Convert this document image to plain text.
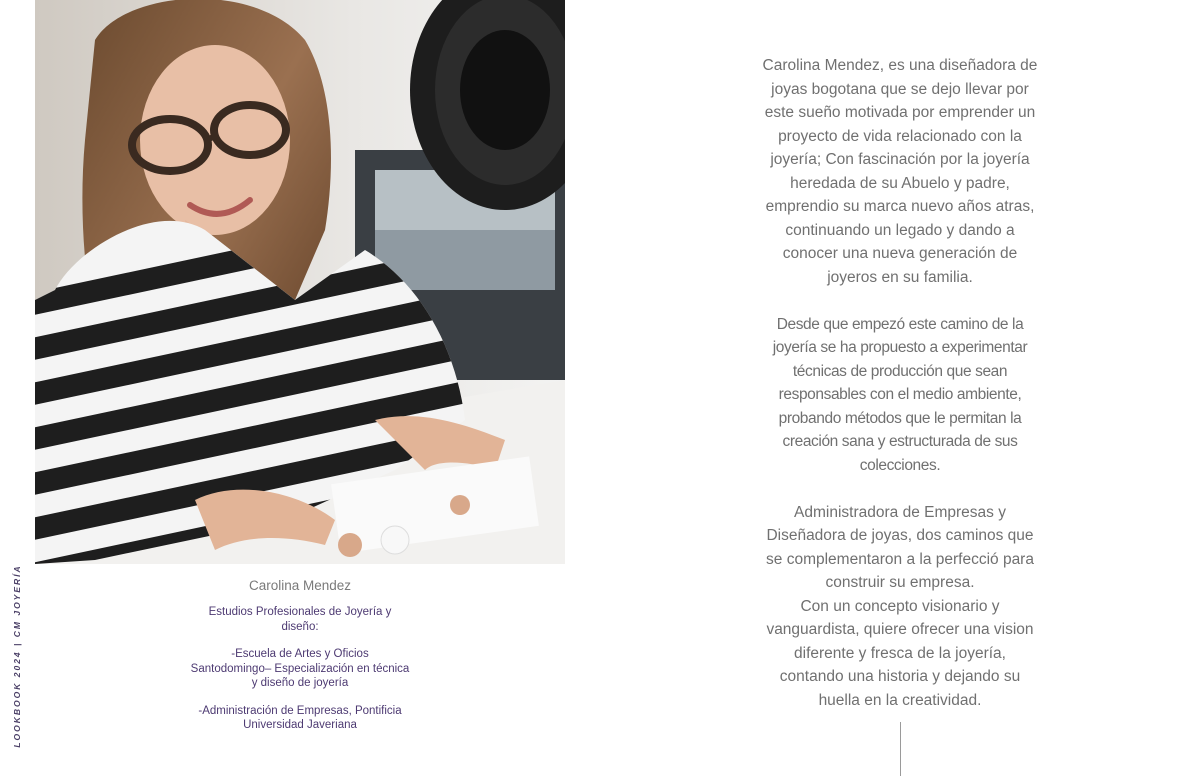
LOOKBOOK 2024 | CM JOYERÍA	Carolina Mendez

Estudios Profesionales de Joyería y diseño:

-Escuela de Artes y Oficios Santodomingo– Especialización en técnica y diseño de joyería

-Administración de Empresas, Pontificia Universidad Javeriana

Carolina Mendez, es una diseñadora de joyas bogotana que se dejo llevar por este sueño motivada por emprender un proyecto de vida relacionado con la joyería; Con fascinación por la joyería heredada de su Abuelo y padre, emprendio su marca nuevo años atras, continuando un legado y dando a conocer una nueva generación de joyeros en su familia.

Desde que empezó este camino de la joyería se ha propuesto a experimentar técnicas de producción que sean responsables con el medio ambiente, probando métodos que le permitan la creación sana y estructurada de sus colecciones.

Administradora de Empresas y Diseñadora de joyas, dos caminos que se complementaron a la perfecció para construir su empresa.

Con un concepto visionario y vanguardista, quiere ofrecer una vision diferente y fresca de la joyería, contando una historia y dejando su huella en la creatividad.
